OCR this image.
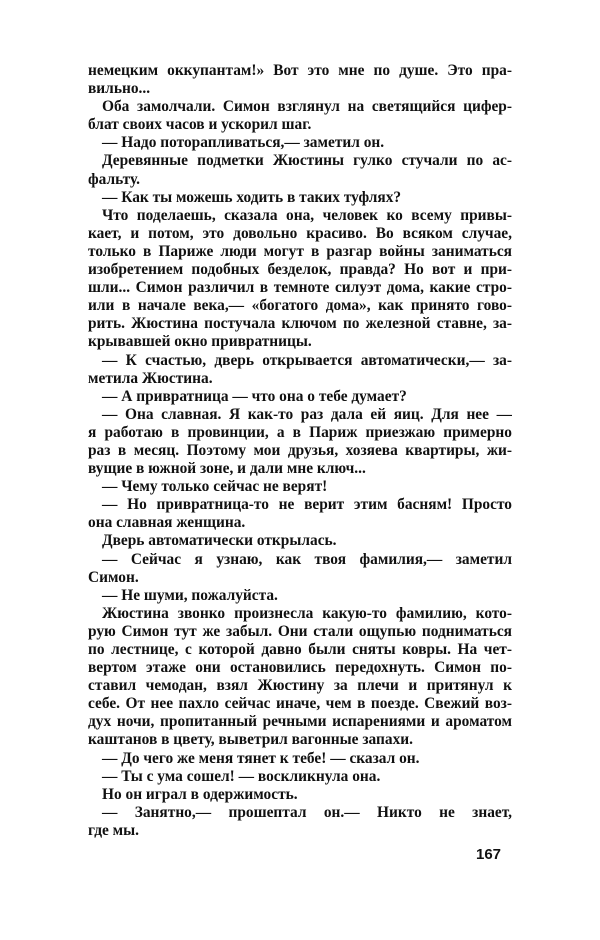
немецким оккупантам!» Вот это мне по душе. Это пра-
вильно...
Оба замолчали. Симон взглянул на светящийся цифер-
блат своих часов и ускорил шаг.
— Надо поторапливаться,— заметил он.
Деревянные подметки Жюстины гулко стучали по ас-
фальту.
— Как ты можешь ходить в таких туфлях?
Что поделаешь, сказала она, человек ко всему привы-
кает, и потом, это довольно красиво. Во всяком случае,
только в Париже люди могут в разгар войны заниматься
изобретением подобных безделок, правда? Но вот и при-
шли... Симон различил в темноте силуэт дома, какие стро-
или в начале века,— «богатого дома», как принято гово-
рить. Жюстина постучала ключом по железной ставне, за-
крывавшей окно привратницы.
— К счастью, дверь открывается автоматически,— за-
метила Жюстина.
— А привратница — что она о тебе думает?
— Она славная. Я как-то раз дала ей яиц. Для нее —
я работаю в провинции, а в Париж приезжаю примерно
раз в месяц. Поэтому мои друзья, хозяева квартиры, жи-
вущие в южной зоне, и дали мне ключ...
— Чему только сейчас не верят!
— Но привратница-то не верит этим басням! Просто
она славная женщина.
Дверь автоматически открылась.
— Сейчас я узнаю, как твоя фамилия,— заметил
Симон.
— Не шуми, пожалуйста.
Жюстина звонко произнесла какую-то фамилию, кото-
рую Симон тут же забыл. Они стали ощупью подниматься
по лестнице, с которой давно были сняты ковры. На чет-
вертом этаже они остановились передохнуть. Симон по-
ставил чемодан, взял Жюстину за плечи и притянул к
себе. От нее пахло сейчас иначе, чем в поезде. Свежий воз-
дух ночи, пропитанный речными испарениями и ароматом
каштанов в цвету, выветрил вагонные запахи.
— До чего же меня тянет к тебе! — сказал он.
— Ты с ума сошел! — воскликнула она.
Но он играл в одержимость.
— Занятно,— прошептал он.— Никто не знает,
где мы.
167
